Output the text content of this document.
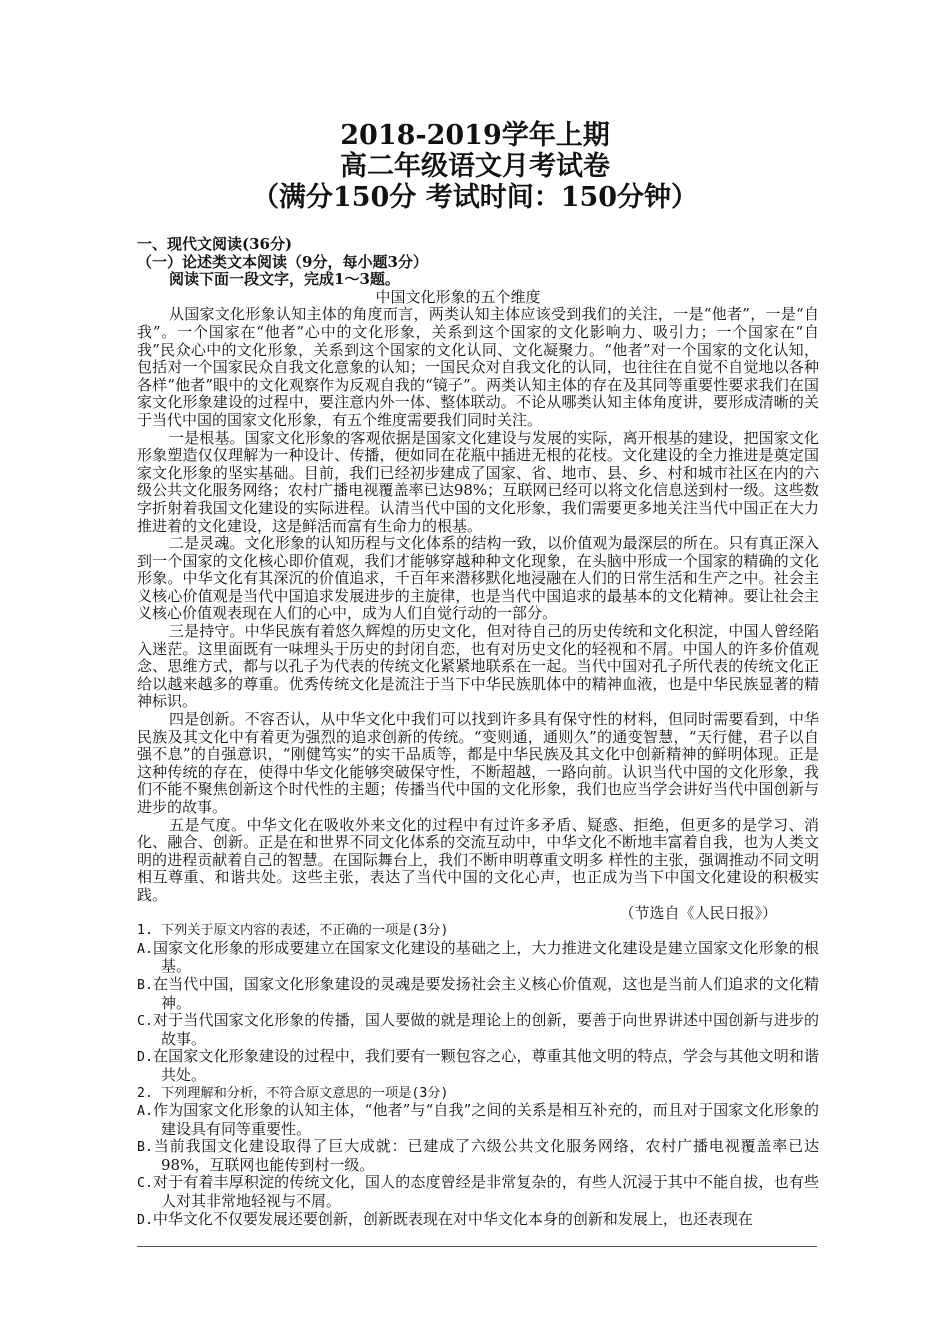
2018-2019学年上期
高二年级语文月考试卷
（满分150分 考试时间：150分钟）

一、现代文阅读(36分)

（一）论述类文本阅读（9分，每小题3分）

阅读下面一段文字，完成1～3题。

中国文化形象的五个维度

从国家文化形象认知主体的角度而言，两类认知主体应该受到我们的关注，一是“他者”，一是“自我”。一个国家在“他者”心中的文化形象，关系到这个国家的文化影响力、吸引力；一个国家在“自我”民众心中的文化形象，关系到这个国家的文化认同、文化凝聚力。“他者”对一个国家的文化认知，包括对一个国家民众自我文化意象的认知；一国民众对自我文化的认同，也往往在自觉不自觉地以各种各样“他者”眼中的文化观察作为反观自我的“镜子”。两类认知主体的存在及其同等重要性要求我们在国家文化形象建设的过程中，要注意内外一体、整体联动。不论从哪类认知主体角度讲，要形成清晰的关于当代中国的国家文化形象，有五个维度需要我们同时关注。

一是根基。国家文化形象的客观依据是国家文化建设与发展的实际，离开根基的建设，把国家文化形象塑造仅仅理解为一种设计、传播，便如同在花瓶中插进无根的花枝。文化建设的全力推进是奠定国家文化形象的坚实基础。目前，我们已经初步建成了国家、省、地市、县、乡、村和城市社区在内的六级公共文化服务网络；农村广播电视覆盖率已达98%；互联网已经可以将文化信息送到村一级。这些数字折射着我国文化建设的实际进程。认清当代中国的文化形象，我们需要更多地关注当代中国正在大力推进着的文化建设，这是鲜活而富有生命力的根基。

二是灵魂。文化形象的认知历程与文化体系的结构一致，以价值观为最深层的所在。只有真正深入到一个国家的文化核心即价值观，我们才能够穿越种种文化现象，在头脑中形成一个国家的精确的文化形象。中华文化有其深沉的价值追求，千百年来潜移默化地浸融在人们的日常生活和生产之中。社会主义核心价值观是当代中国追求发展进步的主旋律，也是当代中国追求的最基本的文化精神。要让社会主义核心价值观表现在人们的心中，成为人们自觉行动的一部分。

三是持守。中华民族有着悠久辉煌的历史文化，但对待自己的历史传统和文化积淀，中国人曾经陷入迷茫。这里面既有一味埋头于历史的封闭自恋，也有对历史文化的轻视和不屑。中国人的许多价值观念、思维方式，都与以孔子为代表的传统文化紧紧地联系在一起。当代中国对孔子所代表的传统文化正给以越来越多的尊重。优秀传统文化是流注于当下中华民族肌体中的精神血液，也是中华民族显著的精神标识。

四是创新。不容否认，从中华文化中我们可以找到许多具有保守性的材料，但同时需要看到，中华民族及其文化中有着更为强烈的追求创新的传统。“变则通，通则久”的通变智慧，“天行健，君子以自强不息”的自强意识，“刚健笃实”的实干品质等，都是中华民族及其文化中创新精神的鲜明体现。正是这种传统的存在，使得中华文化能够突破保守性，不断超越，一路向前。认识当代中国的文化形象，我们不能不聚焦创新这个时代性的主题；传播当代中国的文化形象，我们也应当学会讲好当代中国创新与进步的故事。

五是气度。中华文化在吸收外来文化的过程中有过许多矛盾、疑惑、拒绝，但更多的是学习、消化、融合、创新。正是在和世界不同文化体系的交流互动中，中华文化不断地丰富着自我，也为人类文明的进程贡献着自己的智慧。在国际舞台上，我们不断申明尊重文明多 样性的主张，强调推动不同文明相互尊重、和谐共处。这些主张，表达了当代中国的文化心声，也正成为当下中国文化建设的积极实践。

（节选自《人民日报》）

1. 下列关于原文内容的表述，不正确的一项是(3分)

A.国家文化形象的形成要建立在国家文化建设的基础之上，大力推进文化建设是建立国家文化形象的根基。

B.在当代中国，国家文化形象建设的灵魂是要发扬社会主义核心价值观，这也是当前人们追求的文化精神。

C.对于当代国家文化形象的传播，国人要做的就是理论上的创新，要善于向世界讲述中国创新与进步的故事。

D.在国家文化形象建设的过程中，我们要有一颗包容之心，尊重其他文明的特点，学会与其他文明和谐共处。

2. 下列理解和分析，不符合原文意思的一项是(3分)

A.作为国家文化形象的认知主体，“他者”与“自我”之间的关系是相互补充的，而且对于国家文化形象的建设具有同等重要性。

B.当前我国文化建设取得了巨大成就：已建成了六级公共文化服务网络，农村广播电视覆盖率已达98%，互联网也能传到村一级。

C.对于有着丰厚积淀的传统文化，国人的态度曾经是非常复杂的，有些人沉浸于其中不能自拔，也有些人对其非常地轻视与不屑。

D.中华文化不仅要发展还要创新，创新既表现在对中华文化本身的创新和发展上，也还表现在
